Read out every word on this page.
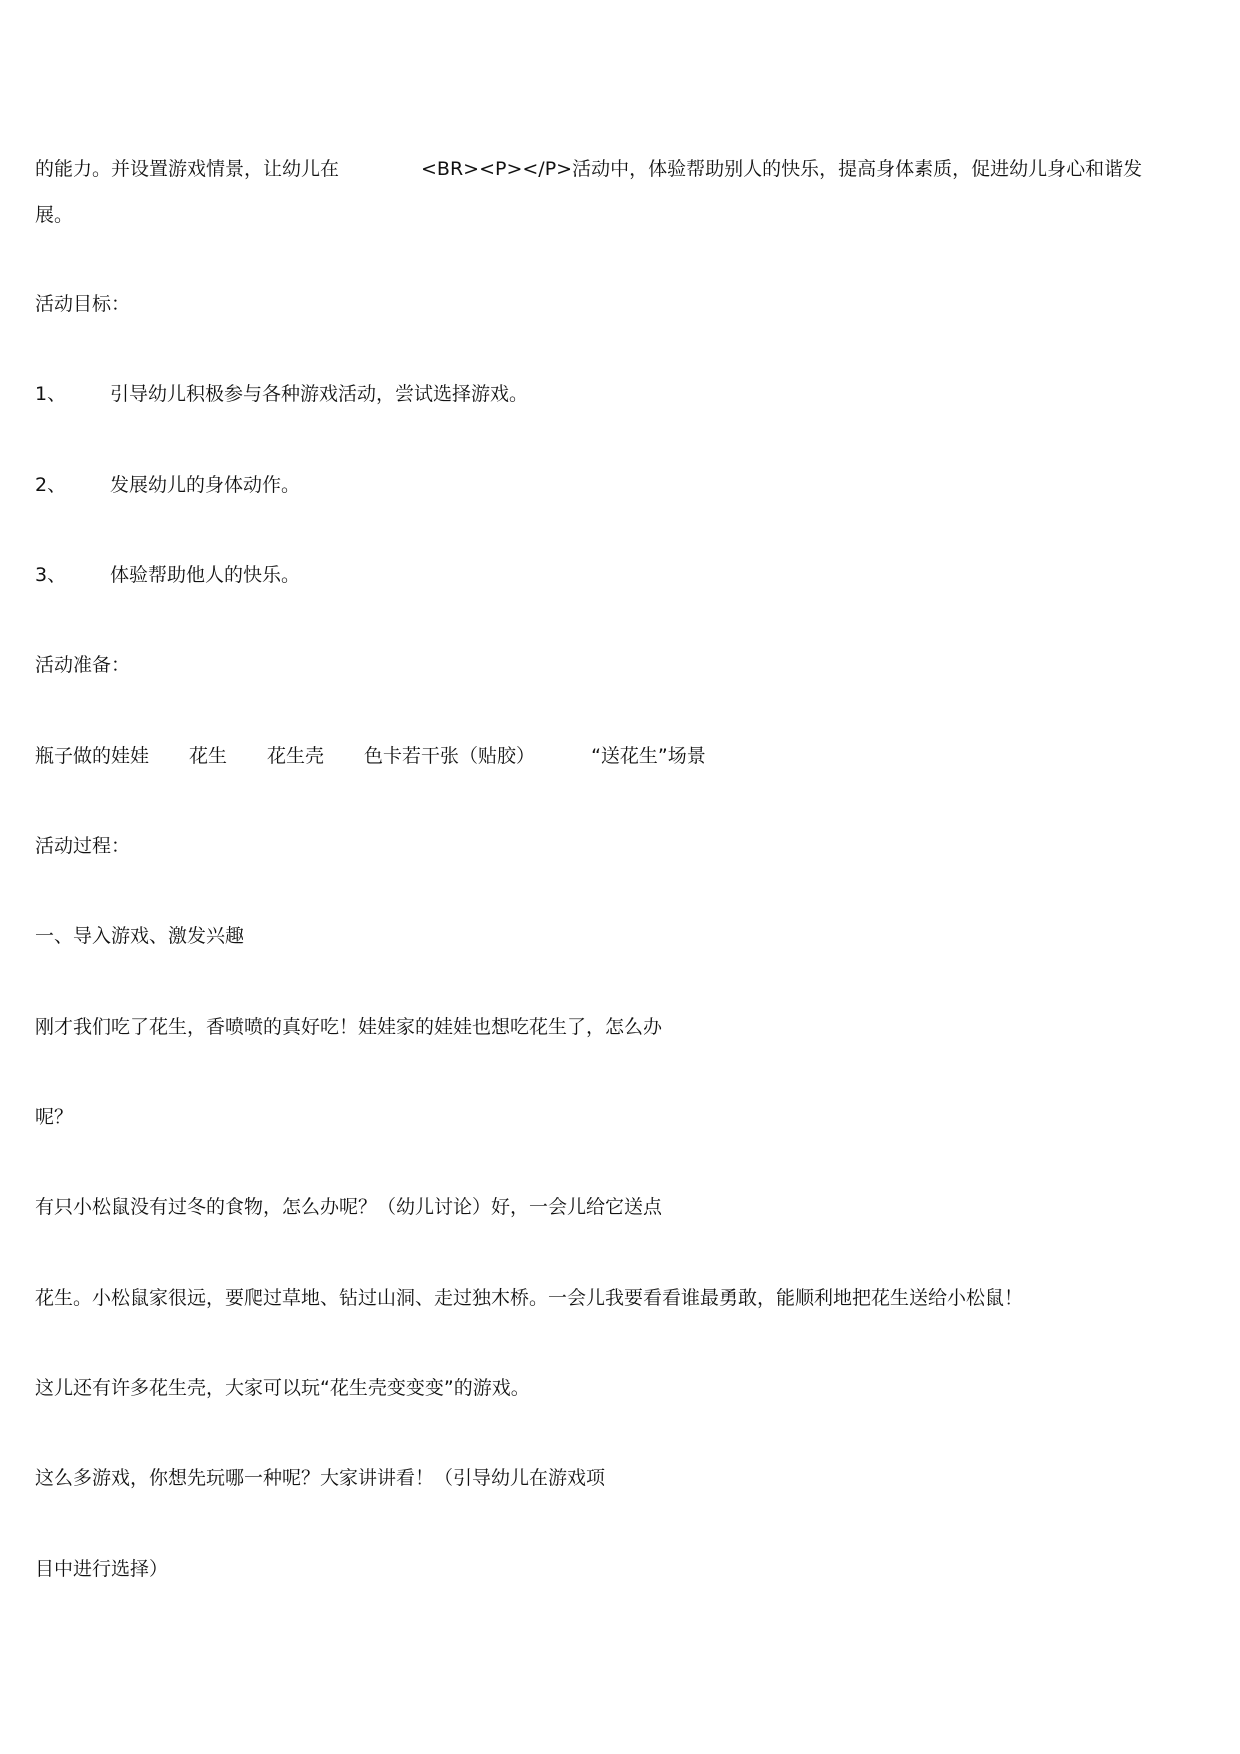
的能力。并设置游戏情景，让幼儿在	<BR><P></P>活动中，体验帮助别人的快乐，提高身体素质，促进幼儿身心和谐发
展。
活动目标：
1、 引导幼儿积极参与各种游戏活动，尝试选择游戏。
2、 发展幼儿的身体动作。
3、 体验帮助他人的快乐。
活动准备：
瓶子做的娃娃 花生 花生壳 色卡若干张（贴胶）	“送花生”场景
活动过程：
一、导入游戏、激发兴趣
刚才我们吃了花生，香喷喷的真好吃！娃娃家的娃娃也想吃花生了，怎么办
呢？
有只小松鼠没有过冬的食物，怎么办呢？（幼儿讨论）好，一会儿给它送点
花生。小松鼠家很远，要爬过草地、钻过山洞、走过独木桥。一会儿我要看看谁最勇敢，能顺利地把花生送给小松鼠！
这儿还有许多花生壳，大家可以玩“花生壳变变变”的游戏。
这么多游戏，你想先玩哪一种呢？大家讲讲看！（引导幼儿在游戏项
目中进行选择）
